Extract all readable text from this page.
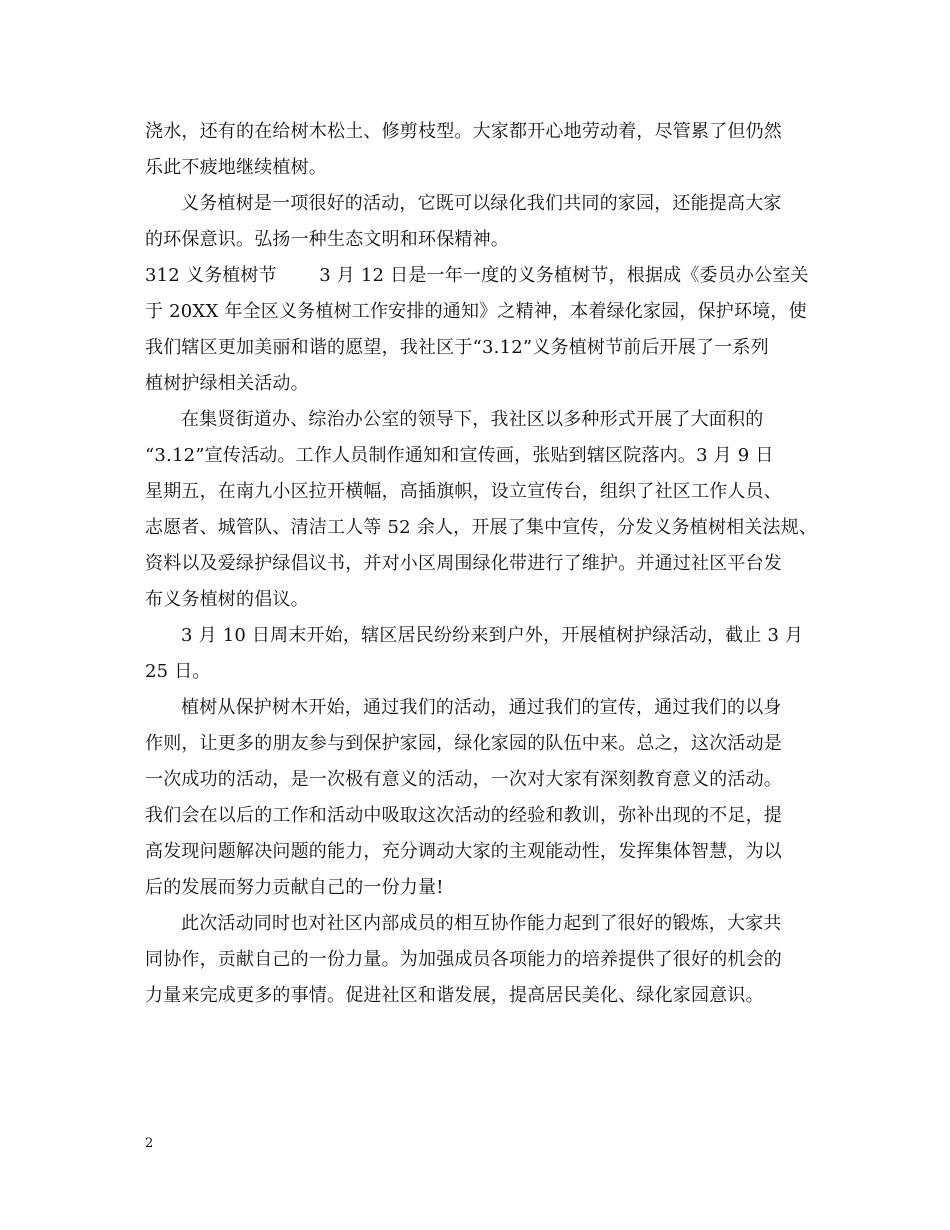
浇水，还有的在给树木松土、修剪枝型。大家都开心地劳动着，尽管累了但仍然
乐此不疲地继续植树。
义务植树是一项很好的活动，它既可以绿化我们共同的家园，还能提高大家
的环保意识。弘扬一种生态文明和环保精神。
312 义务植树节　　 3 月 12 日是一年一度的义务植树节，根据成《委员办公室关
于 20XX 年全区义务植树工作安排的通知》之精神，本着绿化家园，保护环境，使
我们辖区更加美丽和谐的愿望，我社区于“3.12”义务植树节前后开展了一系列
植树护绿相关活动。
在集贤街道办、综治办公室的领导下，我社区以多种形式开展了大面积的
“3.12”宣传活动。工作人员制作通知和宣传画，张贴到辖区院落内。3 月 9 日
星期五，在南九小区拉开横幅，高插旗帜，设立宣传台，组织了社区工作人员、
志愿者、城管队、清洁工人等 52 余人，开展了集中宣传，分发义务植树相关法规、
资料以及爱绿护绿倡议书，并对小区周围绿化带进行了维护。并通过社区平台发
布义务植树的倡议。
3 月 10 日周末开始，辖区居民纷纷来到户外，开展植树护绿活动，截止 3 月
25 日。
植树从保护树木开始，通过我们的活动，通过我们的宣传，通过我们的以身
作则，让更多的朋友参与到保护家园，绿化家园的队伍中来。总之，这次活动是
一次成功的活动，是一次极有意义的活动，一次对大家有深刻教育意义的活动。
我们会在以后的工作和活动中吸取这次活动的经验和教训，弥补出现的不足，提
高发现问题解决问题的能力，充分调动大家的主观能动性，发挥集体智慧，为以
后的发展而努力贡献自己的一份力量!
此次活动同时也对社区内部成员的相互协作能力起到了很好的锻炼，大家共
同协作，贡献自己的一份力量。为加强成员各项能力的培养提供了很好的机会的
力量来完成更多的事情。促进社区和谐发展，提高居民美化、绿化家园意识。
2
